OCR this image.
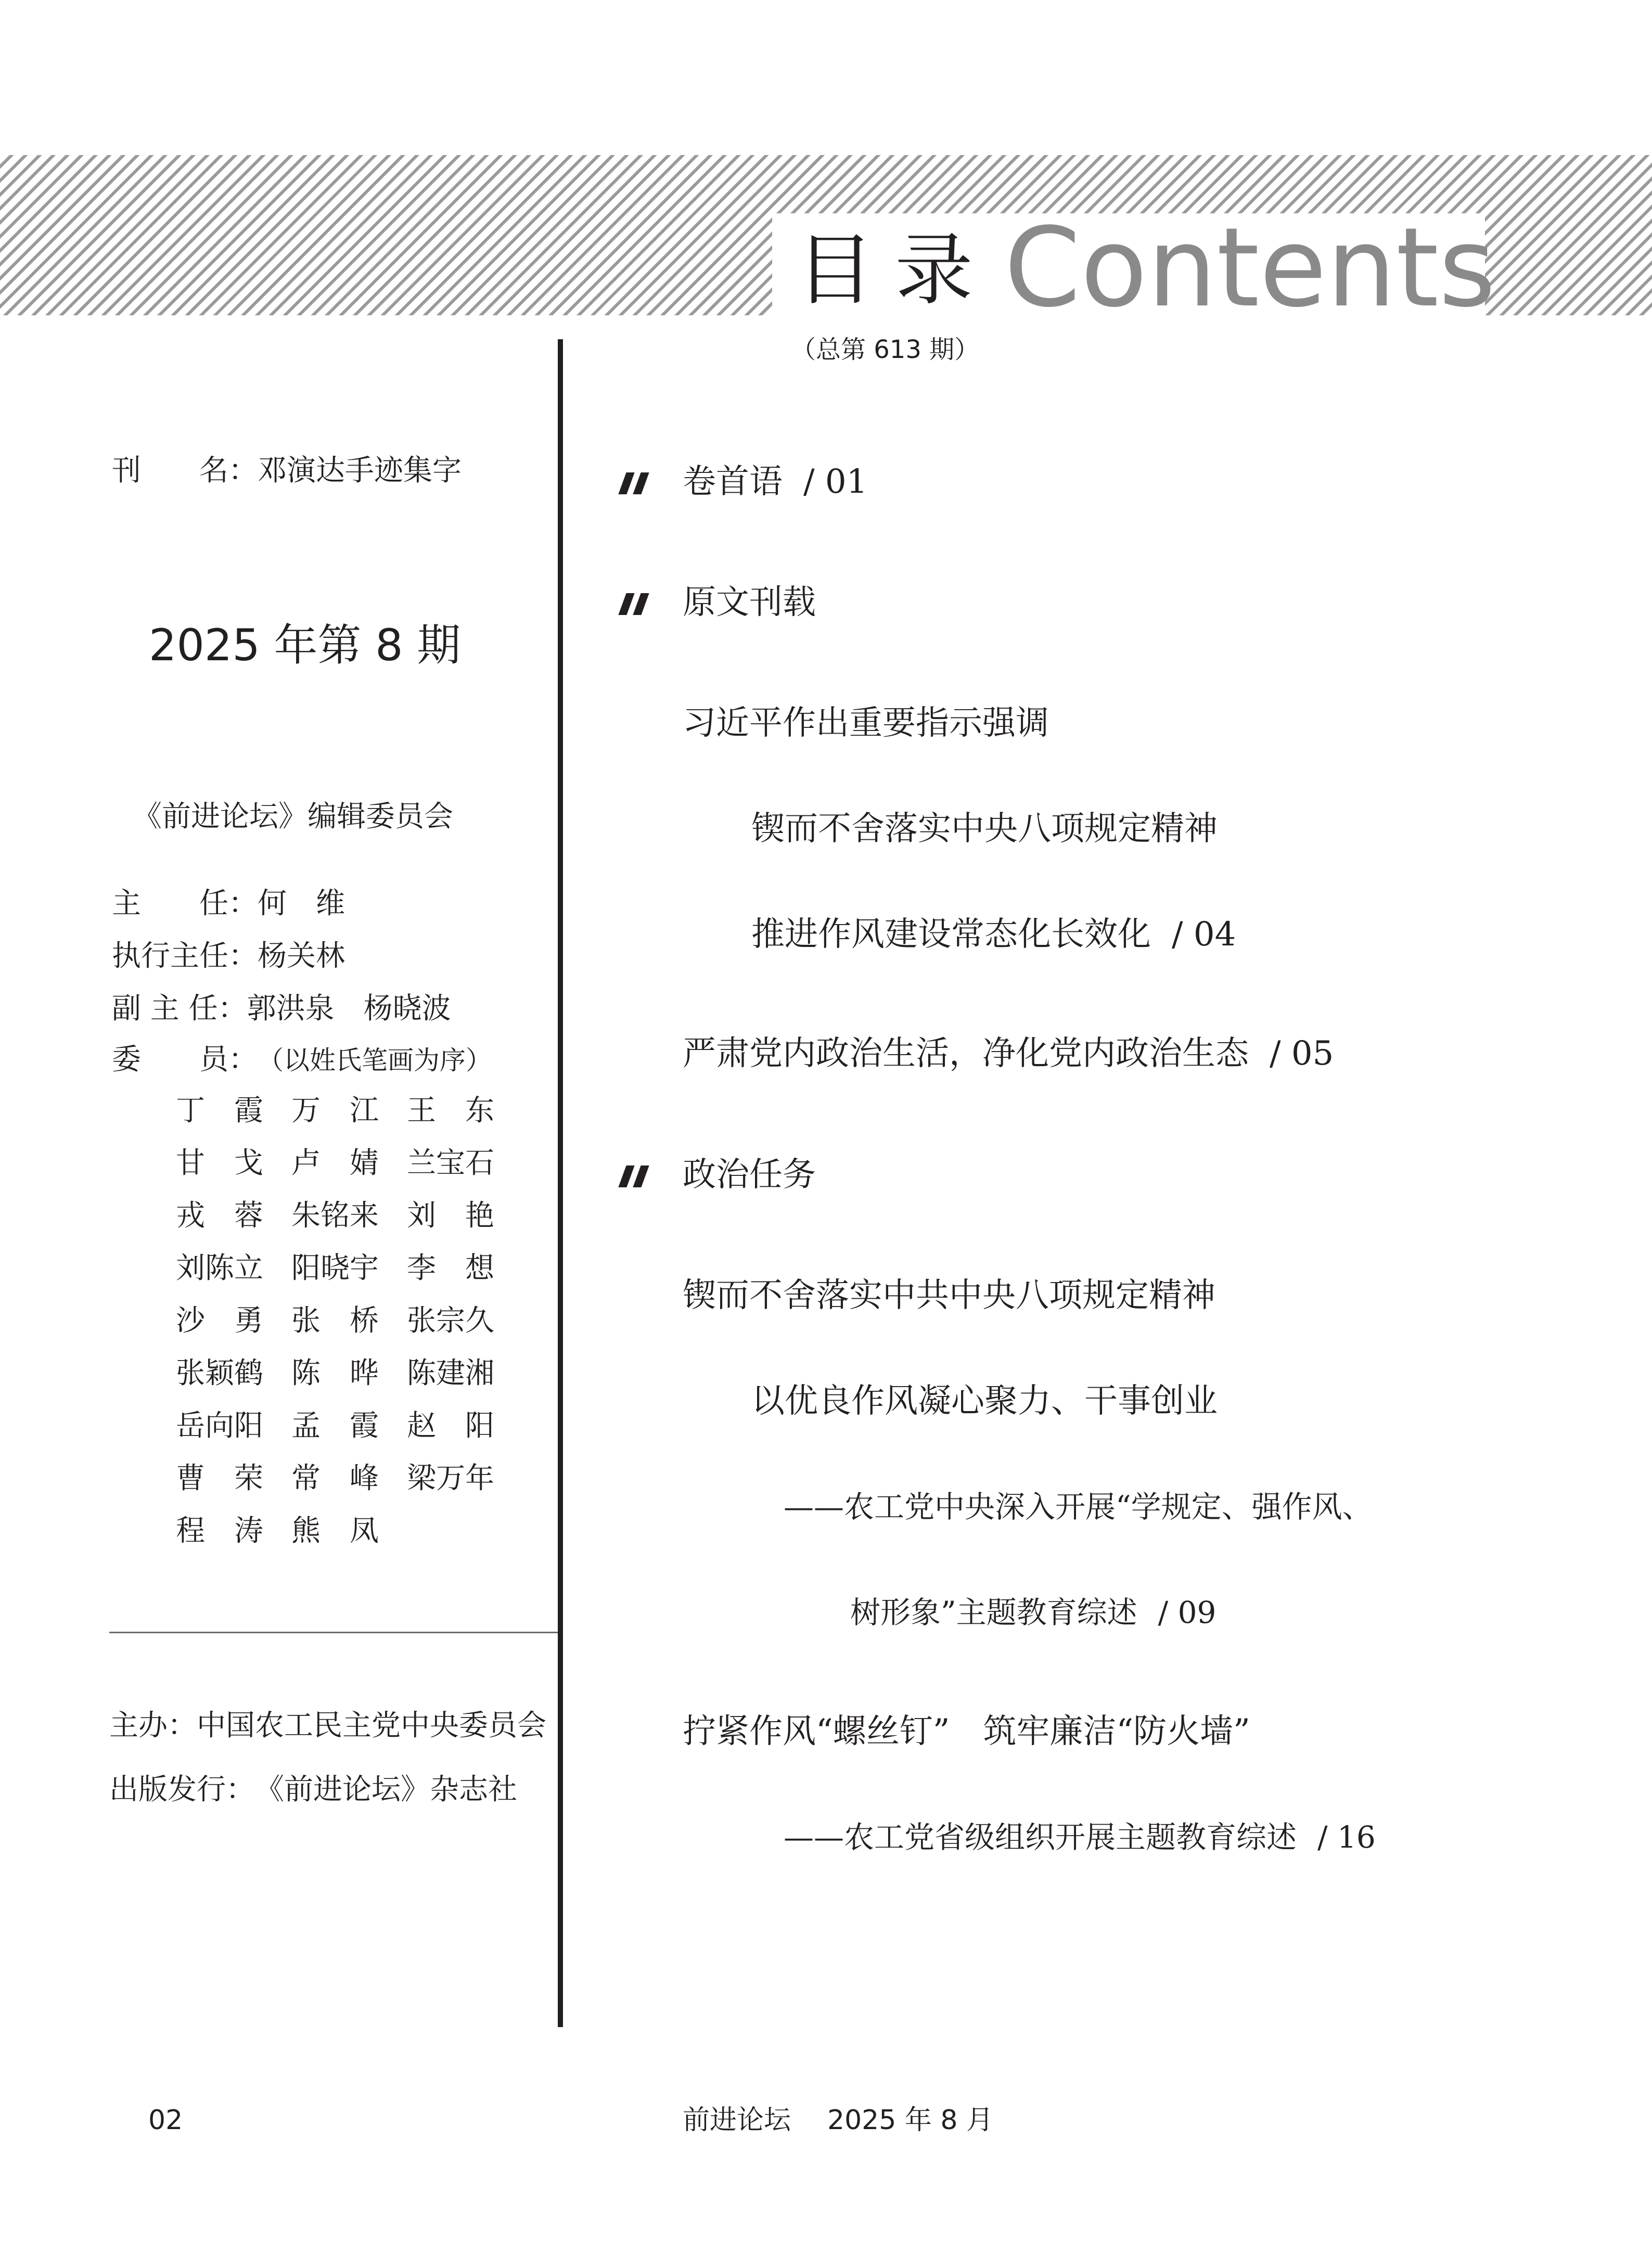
目录 Contents
（总第 613 期）
刊　　名：邓演达手迹集字
2025 年第 8 期
《前进论坛》编辑委员会
主　　任：何　维
执行主任：杨关林
副 主 任：郭洪泉　杨晓波
委　　员：（以姓氏笔画为序）
丁　霞 万　江 王　东
甘　戈 卢　婧 兰宝石
戎　蓉 朱铭来 刘　艳
刘陈立 阳晓宇 李　想
沙　勇 张　桥 张宗久
张颖鹤 陈　晔 陈建湘
岳向阳 孟　霞 赵　阳
曹　荣 常　峰 梁万年
程　涛 熊　凤
主办：中国农工民主党中央委员会
出版发行：《前进论坛》杂志社
卷首语 / 01
原文刊载
习近平作出重要指示强调
锲而不舍落实中央八项规定精神
推进作风建设常态化长效化 / 04
严肃党内政治生活，净化党内政治生态 / 05
政治任务
锲而不舍落实中共中央八项规定精神
以优良作风凝心聚力、干事创业
——农工党中央深入开展“学规定、强作风、
树形象”主题教育综述 / 09
拧紧作风“螺丝钉”　筑牢廉洁“防火墙”
——农工党省级组织开展主题教育综述 / 16
02	前进论坛 2025 年 8 月
